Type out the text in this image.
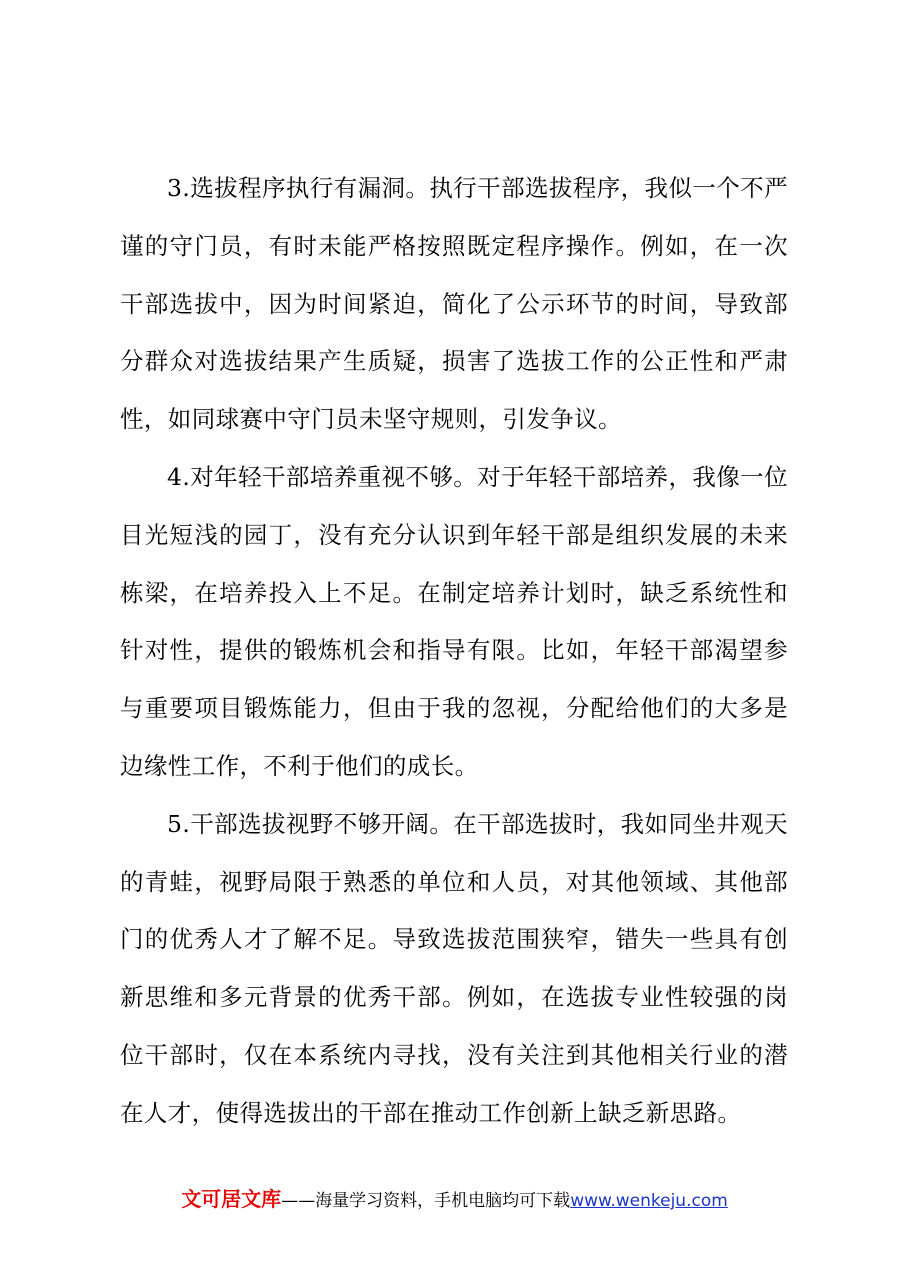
3.选拔程序执行有漏洞。执行干部选拔程序，我似一个不严谨的守门员，有时未能严格按照既定程序操作。例如，在一次干部选拔中，因为时间紧迫，简化了公示环节的时间，导致部分群众对选拔结果产生质疑，损害了选拔工作的公正性和严肃性，如同球赛中守门员未坚守规则，引发争议。

4.对年轻干部培养重视不够。对于年轻干部培养，我像一位目光短浅的园丁，没有充分认识到年轻干部是组织发展的未来栋梁，在培养投入上不足。在制定培养计划时，缺乏系统性和针对性，提供的锻炼机会和指导有限。比如，年轻干部渴望参与重要项目锻炼能力，但由于我的忽视，分配给他们的大多是边缘性工作，不利于他们的成长。

5.干部选拔视野不够开阔。在干部选拔时，我如同坐井观天的青蛙，视野局限于熟悉的单位和人员，对其他领域、其他部门的优秀人才了解不足。导致选拔范围狭窄，错失一些具有创新思维和多元背景的优秀干部。例如，在选拔专业性较强的岗位干部时，仅在本系统内寻找，没有关注到其他相关行业的潜在人才，使得选拔出的干部在推动工作创新上缺乏新思路。

文可居文库——海量学习资料，手机电脑均可下载www.wenkeju.com
